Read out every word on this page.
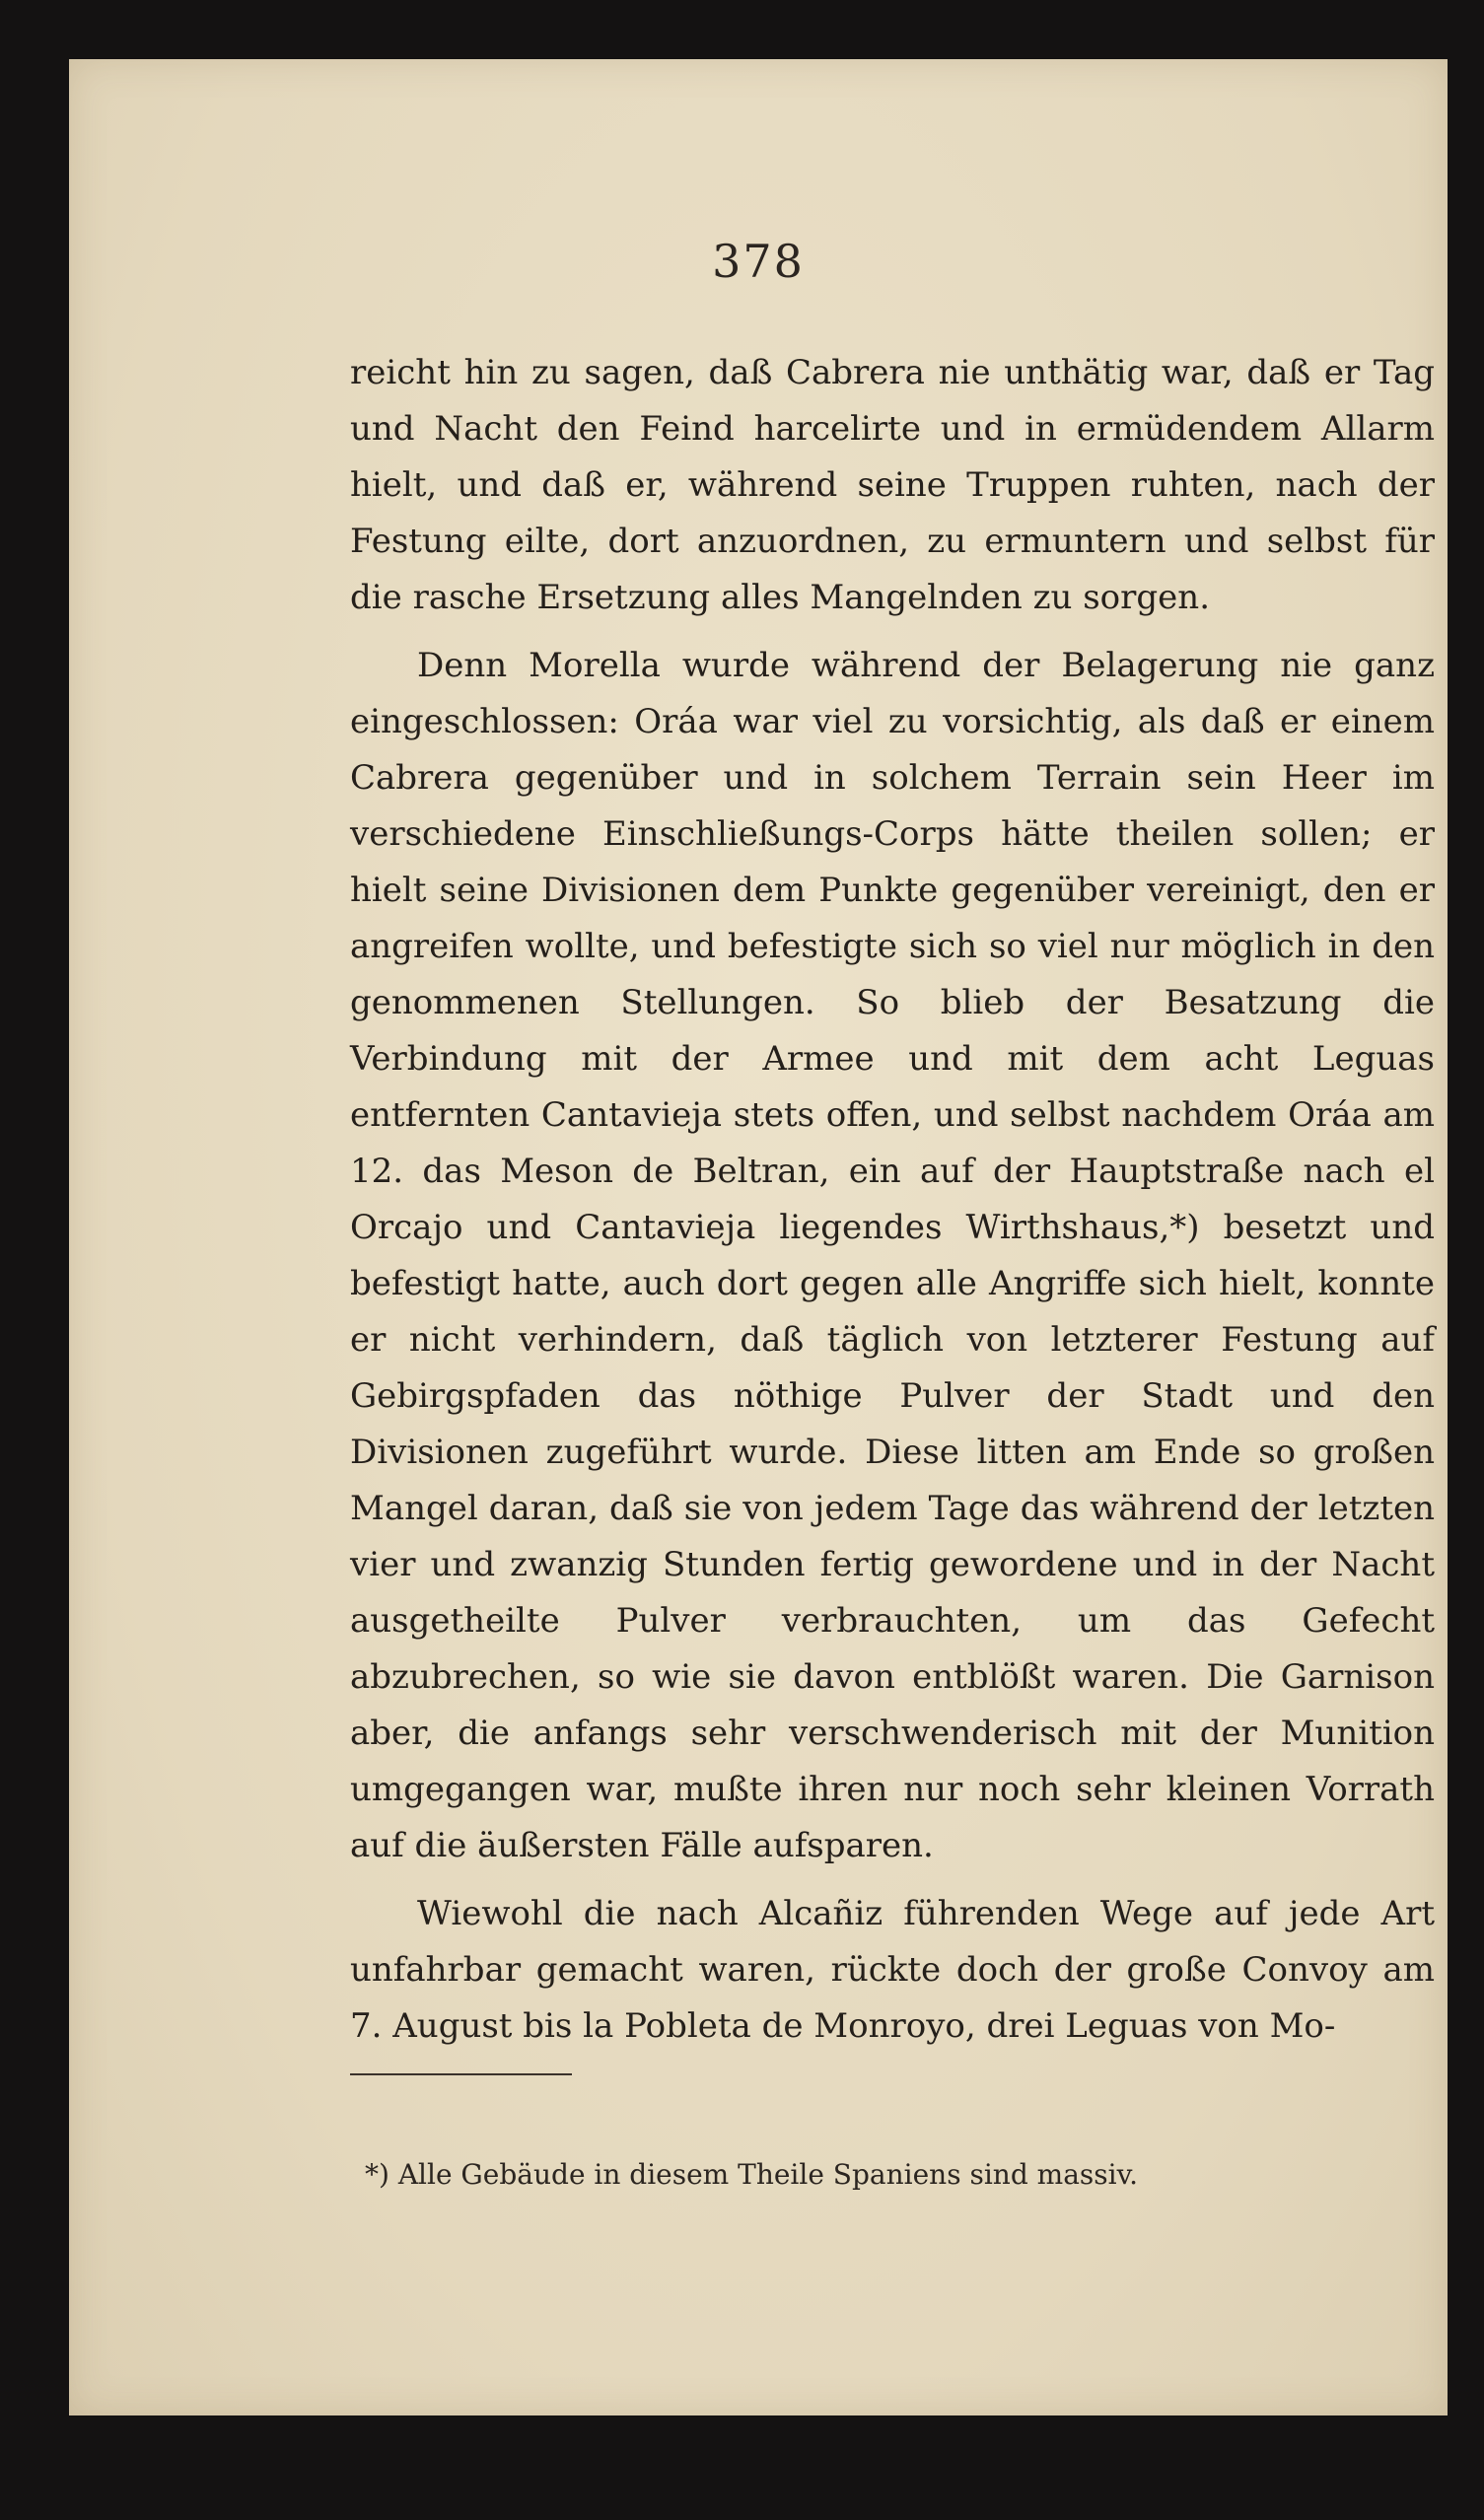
378

reicht hin zu sagen, daß Cabrera nie unthätig war, daß er Tag und Nacht den Feind harcelirte und in ermüdendem Allarm hielt, und daß er, während seine Truppen ruhten, nach der Festung eilte, dort anzuordnen, zu ermuntern und selbst für die rasche Ersetzung alles Mangelnden zu sorgen.

Denn Morella wurde während der Belagerung nie ganz eingeschlossen: Oráa war viel zu vorsichtig, als daß er einem Cabrera gegenüber und in solchem Terrain sein Heer im verschiedene Einschließungs-Corps hätte theilen sollen; er hielt seine Divisionen dem Punkte gegenüber vereinigt, den er angreifen wollte, und befestigte sich so viel nur möglich in den genommenen Stellungen. So blieb der Besatzung die Verbindung mit der Armee und mit dem acht Leguas entfernten Cantavieja stets offen, und selbst nachdem Oráa am 12. das Meson de Beltran, ein auf der Hauptstraße nach el Orcajo und Cantavieja liegendes Wirthshaus,*) besetzt und befestigt hatte, auch dort gegen alle Angriffe sich hielt, konnte er nicht verhindern, daß täglich von letzterer Festung auf Gebirgspfaden das nöthige Pulver der Stadt und den Divisionen zugeführt wurde. Diese litten am Ende so großen Mangel daran, daß sie von jedem Tage das während der letzten vier und zwanzig Stunden fertig gewordene und in der Nacht ausgetheilte Pulver verbrauchten, um das Gefecht abzubrechen, so wie sie davon entblößt waren. Die Garnison aber, die anfangs sehr verschwenderisch mit der Munition umgegangen war, mußte ihren nur noch sehr kleinen Vorrath auf die äußersten Fälle aufsparen.

Wiewohl die nach Alcañiz führenden Wege auf jede Art unfahrbar gemacht waren, rückte doch der große Convoy am 7. August bis la Pobleta de Monroyo, drei Leguas von Mo-

*) Alle Gebäude in diesem Theile Spaniens sind massiv.
